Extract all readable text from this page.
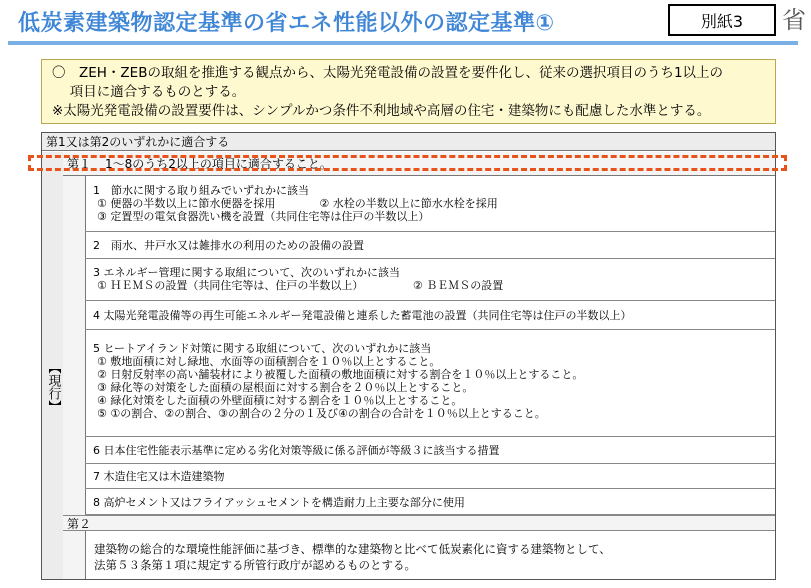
低炭素建築物認定基準の省エネ性能以外の認定基準①	別紙3	省
〇　ZEH・ZEBの取組を推進する観点から、太陽光発電設備の設置を要件化し、従来の選択項目のうち1以上の
　 項目に適合するものとする。
※太陽光発電設備の設置要件は、シンプルかつ条件不利地域や高層の住宅・建築物にも配慮した水準とする。
第1又は第2のいずれかに適合する
【現行】
第１ 1～8のうち2以上の項目に適合すること。
1　節水に関する取り組みでいずれかに該当
① 便器の半数以上に節水便器を採用　　　　② 水栓の半数以上に節水水栓を採用
③ 定置型の電気食器洗い機を設置（共同住宅等は住戸の半数以上）
2　雨水、井戸水又は雑排水の利用のための設備の設置
3 エネルギー管理に関する取組について、次のいずれかに該当
① ＨＥＭＳの設置（共同住宅等は、住戸の半数以上）　　　　　② ＢＥＭＳの設置
4 太陽光発電設備等の再生可能エネルギー発電設備と連系した蓄電池の設置（共同住宅等は住戸の半数以上）
5 ヒートアイランド対策に関する取組について、次のいずれかに該当
① 敷地面積に対し緑地、水面等の面積割合を１０％以上とすること。
② 日射反射率の高い舗装材により被覆した面積の敷地面積に対する割合を１０％以上とすること。
③ 緑化等の対策をした面積の屋根面に対する割合を２０％以上とすること。
④ 緑化対策をした面積の外壁面積に対する割合を１０％以上とすること。
⑤ ①の割合、②の割合、③の割合の２分の１及び④の割合の合計を１０％以上とすること。
6 日本住宅性能表示基準に定める劣化対策等級に係る評価が等級３に該当する措置
7 木造住宅又は木造建築物
8 高炉セメント又はフライアッシュセメントを構造耐力上主要な部分に使用
第２
建築物の総合的な環境性能評価に基づき、標準的な建築物と比べて低炭素化に資する建築物として、
法第５３条第１項に規定する所管行政庁が認めるものとする。
